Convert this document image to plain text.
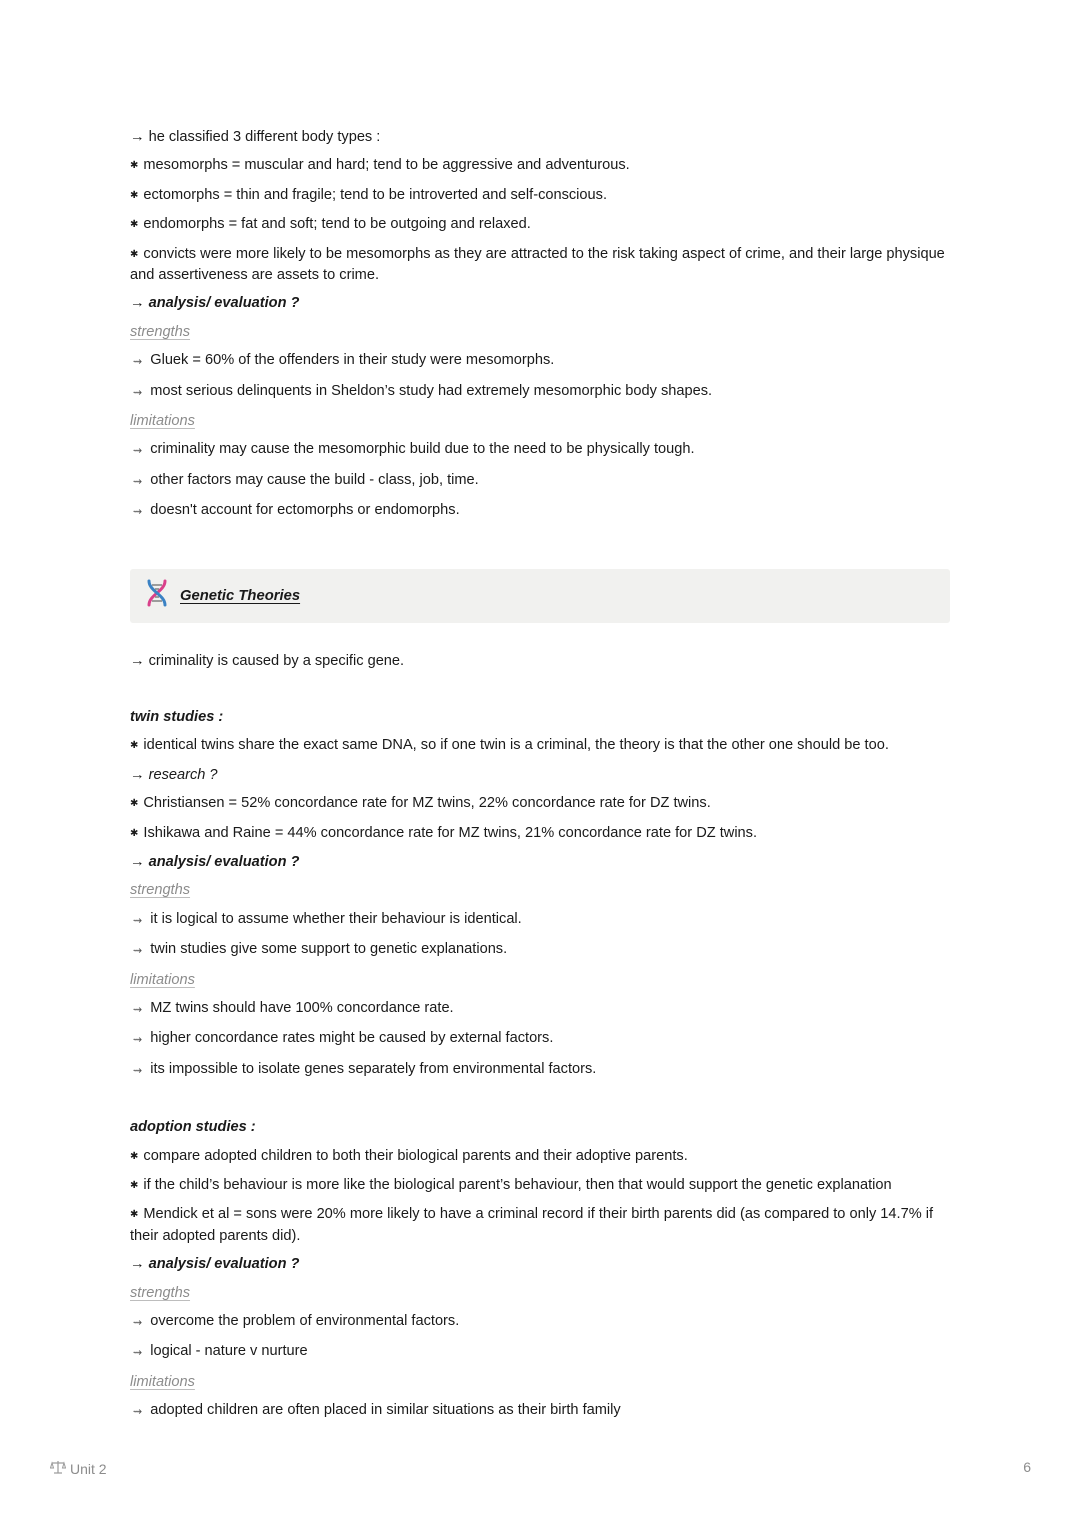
→ he classified 3 different body types :
✱ mesomorphs = muscular and hard; tend to be aggressive and adventurous.
✱ ectomorphs = thin and fragile; tend to be introverted and self-conscious.
✱ endomorphs = fat and soft; tend to be outgoing and relaxed.
✱ convicts were more likely to be mesomorphs as they are attracted to the risk taking aspect of crime, and their large physique and assertiveness are assets to crime.
→ analysis/ evaluation ?
strengths
⇝ Gluek = 60% of the offenders in their study were mesomorphs.
⇝ most serious delinquents in Sheldon’s study had extremely mesomorphic body shapes.
limitations
⇝ criminality may cause the mesomorphic build due to the need to be physically tough.
⇝ other factors may cause the build - class, job, time.
⇝ doesn't account for ectomorphs or endomorphs.
Genetic Theories
→ criminality is caused by a specific gene.
twin studies :
✱ identical twins share the exact same DNA, so if one twin is a criminal, the theory is that the other one should be too.
→ research ?
✱ Christiansen = 52% concordance rate for MZ twins, 22% concordance rate for DZ twins.
✱ Ishikawa and Raine = 44% concordance rate for MZ twins, 21% concordance rate for DZ twins.
→ analysis/ evaluation ?
strengths
⇝ it is logical to assume whether their behaviour is identical.
⇝ twin studies give some support to genetic explanations.
limitations
⇝ MZ twins should have 100% concordance rate.
⇝ higher concordance rates might be caused by external factors.
⇝ its impossible to isolate genes separately from environmental factors.
adoption studies :
✱ compare adopted children to both their biological parents and their adoptive parents.
✱ if the child’s behaviour is more like the biological parent’s behaviour, then that would support the genetic explanation
✱ Mendick et al = sons were 20% more likely to have a criminal record if their birth parents did (as compared to only 14.7% if their adopted parents did).
→ analysis/ evaluation ?
strengths
⇝ overcome the problem of environmental factors.
⇝ logical - nature v nurture
limitations
⇝ adopted children are often placed in similar situations as their birth family
Unit 2	6
